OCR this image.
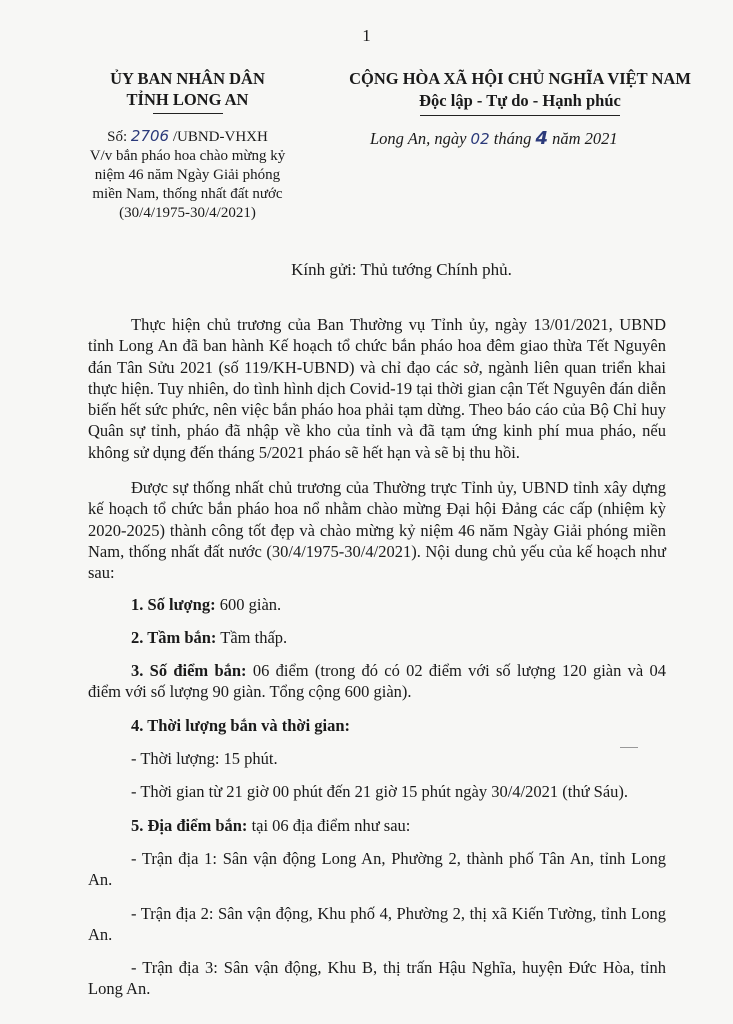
1
ỦY BAN NHÂN DÂN
TỈNH LONG AN
CỘNG HÒA XÃ HỘI CHỦ NGHĨA VIỆT NAM
Độc lập - Tự do - Hạnh phúc
Số: 2706 /UBND-VHXH
V/v bắn pháo hoa chào mừng kỷ
niệm 46 năm Ngày Giải phóng
miền Nam, thống nhất đất nước
(30/4/1975-30/4/2021)
Long An, ngày 02 tháng 4 năm 2021
Kính gửi: Thủ tướng Chính phủ.

Thực hiện chủ trương của Ban Thường vụ Tỉnh ủy, ngày 13/01/2021, UBND tỉnh Long An đã ban hành Kế hoạch tổ chức bắn pháo hoa đêm giao thừa Tết Nguyên đán Tân Sửu 2021 (số 119/KH-UBND) và chỉ đạo các sở, ngành liên quan triển khai thực hiện. Tuy nhiên, do tình hình dịch Covid-19 tại thời gian cận Tết Nguyên đán diễn biến hết sức phức, nên việc bắn pháo hoa phải tạm dừng. Theo báo cáo của Bộ Chỉ huy Quân sự tỉnh, pháo đã nhập về kho của tỉnh và đã tạm ứng kinh phí mua pháo, nếu không sử dụng đến tháng 5/2021 pháo sẽ hết hạn và sẽ bị thu hồi.

Được sự thống nhất chủ trương của Thường trực Tỉnh ủy, UBND tỉnh xây dựng kế hoạch tổ chức bắn pháo hoa nổ nhằm chào mừng Đại hội Đảng các cấp (nhiệm kỳ 2020-2025) thành công tốt đẹp và chào mừng kỷ niệm 46 năm Ngày Giải phóng miền Nam, thống nhất đất nước (30/4/1975-30/4/2021). Nội dung chủ yếu của kế hoạch như sau:

1. Số lượng: 600 giàn.
2. Tầm bắn: Tầm thấp.
3. Số điểm bắn: 06 điểm (trong đó có 02 điểm với số lượng 120 giàn và 04 điểm với số lượng 90 giàn. Tổng cộng 600 giàn).
4. Thời lượng bắn và thời gian:
- Thời lượng: 15 phút.
- Thời gian từ 21 giờ 00 phút đến 21 giờ 15 phút ngày 30/4/2021 (thứ Sáu).
5. Địa điểm bắn: tại 06 địa điểm như sau:
- Trận địa 1: Sân vận động Long An, Phường 2, thành phố Tân An, tỉnh Long An.
- Trận địa 2: Sân vận động, Khu phố 4, Phường 2, thị xã Kiến Tường, tỉnh Long An.
- Trận địa 3: Sân vận động, Khu B, thị trấn Hậu Nghĩa, huyện Đức Hòa, tỉnh Long An.
